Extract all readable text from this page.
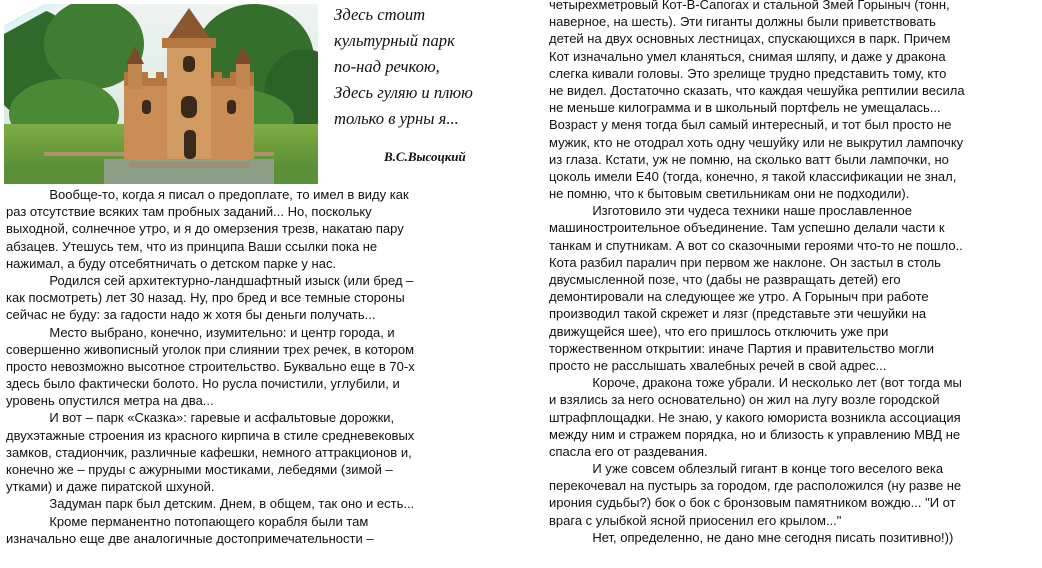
Здесь стоит
культурный парк
по-над речкою,
Здесь гуляю и плюю
только в урны я...
В.С.Высоцкий
Вообще-то, когда я писал о предоплате, то имел в виду как
раз отсутствие всяких там пробных заданий... Но, поскольку
выходной, солнечное утро, и я до омерзения трезв, накатаю пару
абзацев. Утешусь тем, что из принципа Ваши ссылки пока не
нажимал, а буду отсебятничать о детском парке у нас.
Родился сей архитектурно-ландшафтный изыск (или бред –
как посмотреть) лет 30 назад. Ну, про бред и все темные стороны
сейчас не буду: за гадости надо ж хотя бы деньги получать...
Место выбрано, конечно, изумительно: и центр города, и
совершенно живописный уголок при слиянии трех речек, в котором
просто невозможно высотное строительство. Буквально еще в 70-х
здесь было фактически болото. Но русла почистили, углубили, и
уровень опустился метра на два...
И вот – парк «Сказка»: гаревые и асфальтовые дорожки,
двухэтажные строения из красного кирпича в стиле средневековых
замков, стадиончик, различные кафешки, немного аттракционов и,
конечно же – пруды с ажурными мостиками, лебедями (зимой –
утками) и даже пиратской шхуной.
Задуман парк был детским. Днем, в общем, так оно и есть...
Кроме перманентно потопающего корабля были там
изначально еще две аналогичные достопримечательности –
четырехметровый Кот-В-Сапогах и стальной Змей Горыныч (тонн,
наверное, на шесть). Эти гиганты должны были приветствовать
детей на двух основных лестницах, спускающихся в парк. Причем
Кот изначально умел кланяться, снимая шляпу, и даже у дракона
слегка кивали головы. Это зрелище трудно представить тому, кто
не видел. Достаточно сказать, что каждая чешуйка рептилии весила
не меньше килограмма и в школьный портфель не умещалась...
Возраст у меня тогда был самый интересный, и тот был просто не
мужик, кто не отодрал хоть одну чешуйку или не выкрутил лампочку
из глаза. Кстати, уж не помню, на сколько ватт были лампочки, но
цоколь имели Е40 (тогда, конечно, я такой классификации не знал,
не помню, что к бытовым светильникам они не подходили).
Изготовило эти чудеса техники наше прославленное
машиностроительное объединение. Там успешно делали части к
танкам и спутникам. А вот со сказочными героями что-то не пошло..
Кота разбил паралич при первом же наклоне. Он застыл в столь
двусмысленной позе, что (дабы не развращать детей) его
демонтировали на следующее же утро. А Горыныч при работе
производил такой скрежет и лязг (представьте эти чешуйки на
движущейся шее), что его пришлось отключить уже при
торжественном открытии: иначе Партия и правительство могли
просто не расслышать хвалебных речей в свой адрес...
Короче, дракона тоже убрали. И несколько лет (вот тогда мы
и взялись за него основательно) он жил на лугу возле городской
штрафплощадки. Не знаю, у какого юмориста возникла ассоциация
между ним и стражем порядка, но и близость к управлению МВД не
спасла его от раздевания.
И уже совсем облезлый гигант в конце того веселого века
перекочевал на пустырь за городом, где расположился (ну разве не
ирония судьбы?) бок о бок с бронзовым памятником вождю... "И от
врага с улыбкой ясной приосенил его крылом..."
Нет, определенно, не дано мне сегодня писать позитивно!))
